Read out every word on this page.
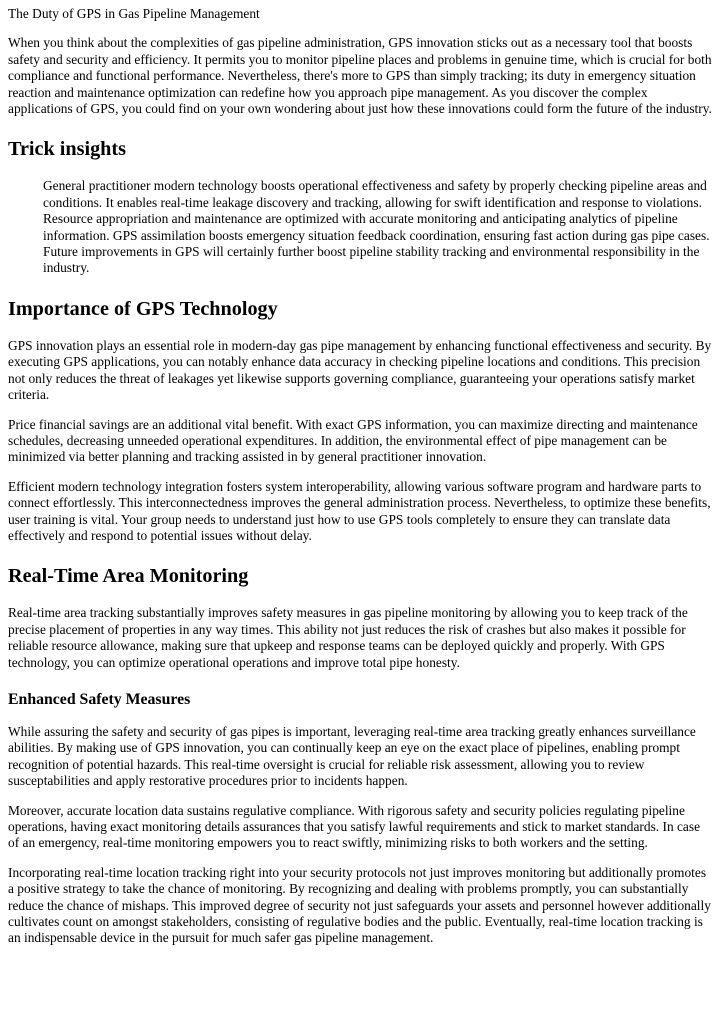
The Duty of GPS in Gas Pipeline Management

When you think about the complexities of gas pipeline administration, GPS innovation sticks out as a necessary tool that boosts safety and security and efficiency. It permits you to monitor pipeline places and problems in genuine time, which is crucial for both compliance and functional performance. Nevertheless, there's more to GPS than simply tracking; its duty in emergency situation reaction and maintenance optimization can redefine how you approach pipe management. As you discover the complex applications of GPS, you could find on your own wondering about just how these innovations could form the future of the industry.

Trick insights
General practitioner modern technology boosts operational effectiveness and safety by properly checking pipeline areas and conditions. It enables real-time leakage discovery and tracking, allowing for swift identification and response to violations. Resource appropriation and maintenance are optimized with accurate monitoring and anticipating analytics of pipeline information. GPS assimilation boosts emergency situation feedback coordination, ensuring fast action during gas pipe cases. Future improvements in GPS will certainly further boost pipeline stability tracking and environmental responsibility in the industry.
Importance of GPS Technology

GPS innovation plays an essential role in modern-day gas pipe management by enhancing functional effectiveness and security. By executing GPS applications, you can notably enhance data accuracy in checking pipeline locations and conditions. This precision not only reduces the threat of leakages yet likewise supports governing compliance, guaranteeing your operations satisfy market criteria.

Price financial savings are an additional vital benefit. With exact GPS information, you can maximize directing and maintenance schedules, decreasing unneeded operational expenditures. In addition, the environmental effect of pipe management can be minimized via better planning and tracking assisted in by general practitioner innovation.

Efficient modern technology integration fosters system interoperability, allowing various software program and hardware parts to connect effortlessly. This interconnectedness improves the general administration process. Nevertheless, to optimize these benefits, user training is vital. Your group needs to understand just how to use GPS tools completely to ensure they can translate data effectively and respond to potential issues without delay.

Real-Time Area Monitoring

Real-time area tracking substantially improves safety measures in gas pipeline monitoring by allowing you to keep track of the precise placement of properties in any way times. This ability not just reduces the risk of crashes but also makes it possible for reliable resource allowance, making sure that upkeep and response teams can be deployed quickly and properly. With GPS technology, you can optimize operational operations and improve total pipe honesty.

Enhanced Safety Measures

While assuring the safety and security of gas pipes is important, leveraging real-time area tracking greatly enhances surveillance abilities. By making use of GPS innovation, you can continually keep an eye on the exact place of pipelines, enabling prompt recognition of potential hazards. This real-time oversight is crucial for reliable risk assessment, allowing you to review susceptabilities and apply restorative procedures prior to incidents happen.

Moreover, accurate location data sustains regulative compliance. With rigorous safety and security policies regulating pipeline operations, having exact monitoring details assurances that you satisfy lawful requirements and stick to market standards. In case of an emergency, real-time monitoring empowers you to react swiftly, minimizing risks to both workers and the setting.

Incorporating real-time location tracking right into your security protocols not just improves monitoring but additionally promotes a positive strategy to take the chance of monitoring. By recognizing and dealing with problems promptly, you can substantially reduce the chance of mishaps. This improved degree of security not just safeguards your assets and personnel however additionally cultivates count on amongst stakeholders, consisting of regulative bodies and the public. Eventually, real-time location tracking is an indispensable device in the pursuit for much safer gas pipeline management.
